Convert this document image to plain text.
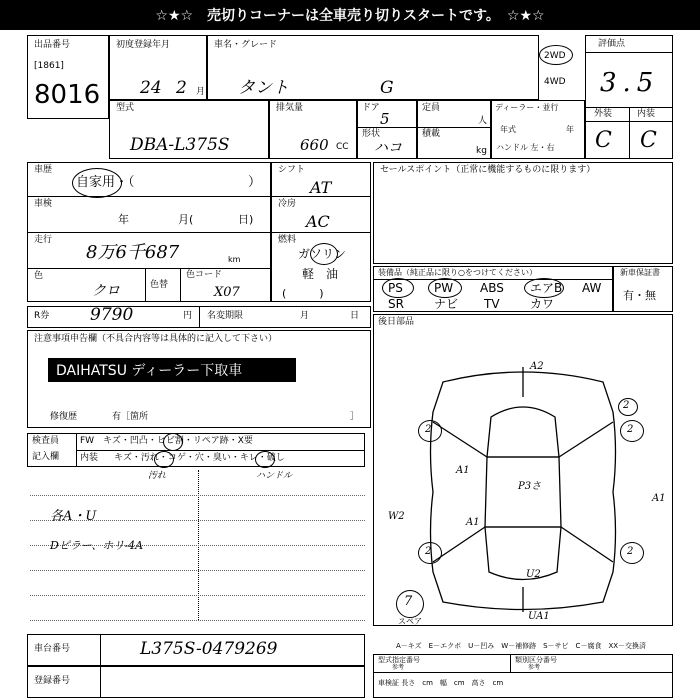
☆★☆　売切りコーナーは全車売り切りスタートです。　☆★☆
出品番号
[1861]
8016
初度登録年月
24 2 月
車名・グレード
タント	G
2WD
4WD
評価点
3.5
外装	内装
C C
型式
DBA-L375S
排気量
660 CC
ドア
5
形状
ハコ
定員
人
積載
kg
ディーラー・並行
年式	年
ハンドル 左・右
車歴
自家用・（	）
車検
年	月(	日)
走行
8万6千687	km
色
クロ	色替
色コード
X07
シフト
AT
冷房
AC
燃料
ガソリン
軽　油
(　　　)
セールスポイント（正常に機能するものに限ります）
装備品（純正品に限り○をつけてください）
PS	PW ABS エアB AW
SR	ナビ TV	カワ
新車保証書
有・無
R券 9790	円 名変期限	月	日
注意事項申告欄（不具合内容等は具体的に記入して下さい）
DAIHATSU ディーラー下取車
修復歴	有［箇所	］
後日部品
検査員
記入欄
FW　キズ・凹凸・ヒビ割・リペア跡・X要
内装 キズ・汚れ・コゲ・穴・臭い・キレ・破し
汚れ	ハンドル
各A・U
Dピラー、ホリ-4A
車台番号	L375S-0479269
登録番号
A2
A1
A1
A1
P3さ
W2
U2
UA1
2	2
2	2
2
7
スペア
A－キズ　E－エクボ　U－凹み　W－補修跡　S－サビ　C－腐食　XX－交換済
型式指定番号
参考
類別区分番号
参考
車検証 長さ　cm　幅　cm　高さ　cm
